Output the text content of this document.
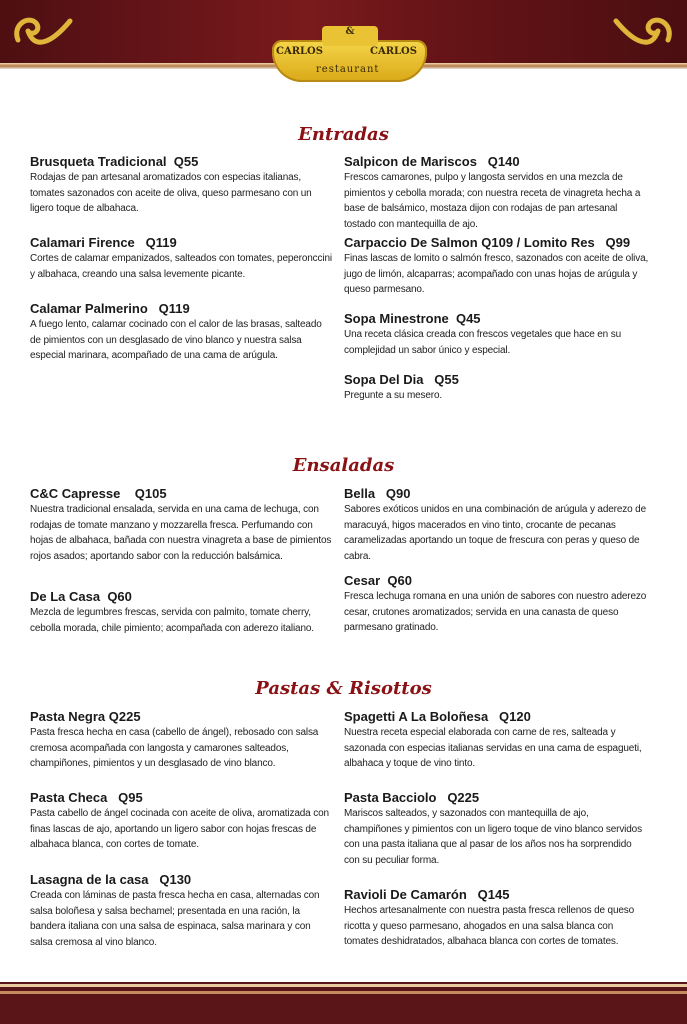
&
CARLOS	CARLOS
restaurant
Entradas
Brusqueta Tradicional  Q55
Rodajas de pan artesanal aromatizados con especias italianas, tomates sazonados con aceite de oliva, queso parmesano con un ligero toque de albahaca.
Calamari Firence   Q119
Cortes de calamar empanizados, salteados con tomates, peperonccini y albahaca, creando una salsa levemente picante.
Calamar Palmerino   Q119
A fuego lento, calamar cocinado con el calor de las brasas, salteado de pimientos con un desglasado de vino blanco y nuestra salsa especial marinara, acompañado de una cama de arúgula.
Salpicon de Mariscos   Q140
Frescos camarones, pulpo y langosta servidos en una mezcla de pimientos y cebolla morada; con nuestra receta de vinagreta hecha a base de balsámico, mostaza dijon con rodajas de pan artesanal tostado con mantequilla de ajo.
Carpaccio De Salmon Q109 / Lomito Res   Q99
Finas lascas de lomito o salmón fresco, sazonados con aceite de oliva, jugo de limón, alcaparras; acompañado con unas hojas de arúgula y queso parmesano.
Sopa Minestrone  Q45
Una receta clásica creada con frescos vegetales que hace en su complejidad un sabor único y especial.
Sopa Del Dia   Q55
Pregunte a su mesero.
Ensaladas
C&C Capresse    Q105
Nuestra tradicional ensalada, servida en una cama de lechuga, con rodajas de tomate manzano y mozzarella fresca. Perfumando con hojas de albahaca, bañada con nuestra vinagreta a base de pimientos rojos asados; aportando sabor con la reducción balsámica.
De La Casa  Q60
Mezcla de legumbres frescas, servida con palmito, tomate cherry, cebolla morada, chile pimiento; acompañada con aderezo italiano.
Bella   Q90
Sabores exóticos unidos en una combinación de arúgula y aderezo de maracuyá, higos macerados en vino tinto, crocante de pecanas caramelizadas aportando un toque de frescura con peras y queso de cabra.
Cesar  Q60
Fresca lechuga romana en una unión de sabores con nuestro aderezo cesar, crutones aromatizados; servida en una canasta de queso parmesano gratinado.
Pastas & Risottos
Pasta Negra Q225
Pasta fresca hecha en casa (cabello de ángel), rebosado con salsa cremosa acompañada con langosta y camarones salteados, champiñones, pimientos y un desglasado de vino blanco.
Pasta Checa   Q95
Pasta cabello de ángel cocinada con aceite de oliva, aromatizada con finas lascas de ajo, aportando un ligero sabor con hojas frescas de albahaca blanca, con cortes de tomate.
Lasagna de la casa   Q130
Creada con láminas de pasta fresca hecha en casa, alternadas con salsa boloñesa y salsa bechamel; presentada en una ración, la bandera italiana con una salsa de espinaca, salsa marinara y con salsa cremosa al vino blanco.
Spagetti A La Boloñesa   Q120
Nuestra receta especial elaborada con carne de res, salteada y sazonada con especias italianas servidas en una cama de espagueti, albahaca y toque de vino tinto.
Pasta Bacciolo   Q225
Mariscos salteados, y sazonados con mantequilla de ajo, champiñones y pimientos con un ligero toque de vino blanco servidos con una pasta italiana que al pasar de los años nos ha sorprendido con su peculiar forma.
Ravioli De Camarón   Q145
Hechos artesanalmente con nuestra pasta fresca rellenos de queso ricotta y queso parmesano, ahogados en una salsa blanca con tomates deshidratados, albahaca blanca con cortes de tomates.
